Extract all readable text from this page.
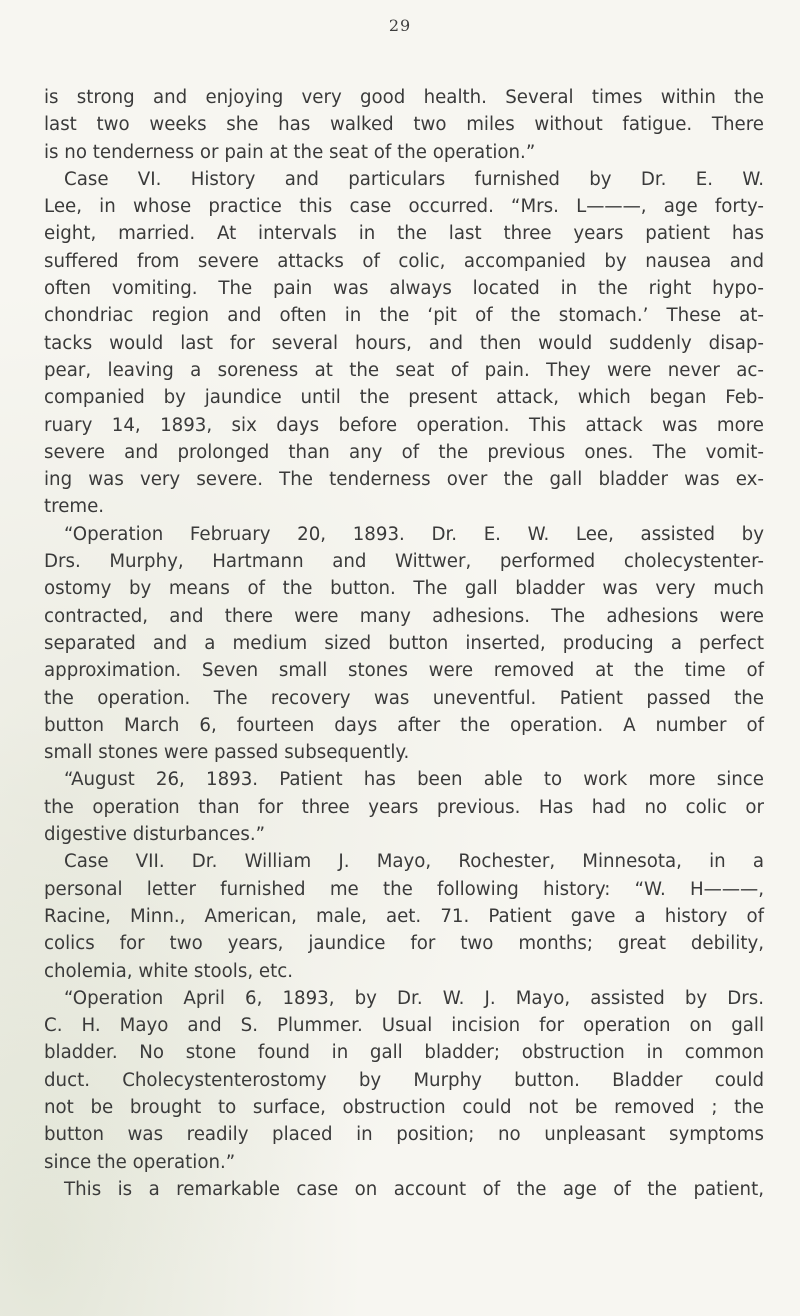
29
is strong and enjoying very good health. Several times within the
last two weeks she has walked two miles without fatigue. There
is no tenderness or pain at the seat of the operation.”
Case VI. History and particulars furnished by Dr. E. W.
Lee, in whose practice this case occurred. “Mrs. L———, age forty-
eight, married. At intervals in the last three years patient has
suffered from severe attacks of colic, accompanied by nausea and
often vomiting. The pain was always located in the right hypo-
chondriac region and often in the ‘pit of the stomach.’ These at-
tacks would last for several hours, and then would suddenly disap-
pear, leaving a soreness at the seat of pain. They were never ac-
companied by jaundice until the present attack, which began Feb-
ruary 14, 1893, six days before operation. This attack was more
severe and prolonged than any of the previous ones. The vomit-
ing was very severe. The tenderness over the gall bladder was ex-
treme.
“Operation February 20, 1893. Dr. E. W. Lee, assisted by
Drs. Murphy, Hartmann and Wittwer, performed cholecystenter-
ostomy by means of the button. The gall bladder was very much
contracted, and there were many adhesions. The adhesions were
separated and a medium sized button inserted, producing a perfect
approximation. Seven small stones were removed at the time of
the operation. The recovery was uneventful. Patient passed the
button March 6, fourteen days after the operation. A number of
small stones were passed subsequently.
“August 26, 1893. Patient has been able to work more since
the operation than for three years previous. Has had no colic or
digestive disturbances.”
Case VII. Dr. William J. Mayo, Rochester, Minnesota, in a
personal letter furnished me the following history: “W. H———,
Racine, Minn., American, male, aet. 71. Patient gave a history of
colics for two years, jaundice for two months; great debility,
cholemia, white stools, etc.
“Operation April 6, 1893, by Dr. W. J. Mayo, assisted by Drs.
C. H. Mayo and S. Plummer. Usual incision for operation on gall
bladder. No stone found in gall bladder; obstruction in common
duct. Cholecystenterostomy by Murphy button. Bladder could
not be brought to surface, obstruction could not be removed ; the
button was readily placed in position; no unpleasant symptoms
since the operation.”
This is a remarkable case on account of the age of the patient,
